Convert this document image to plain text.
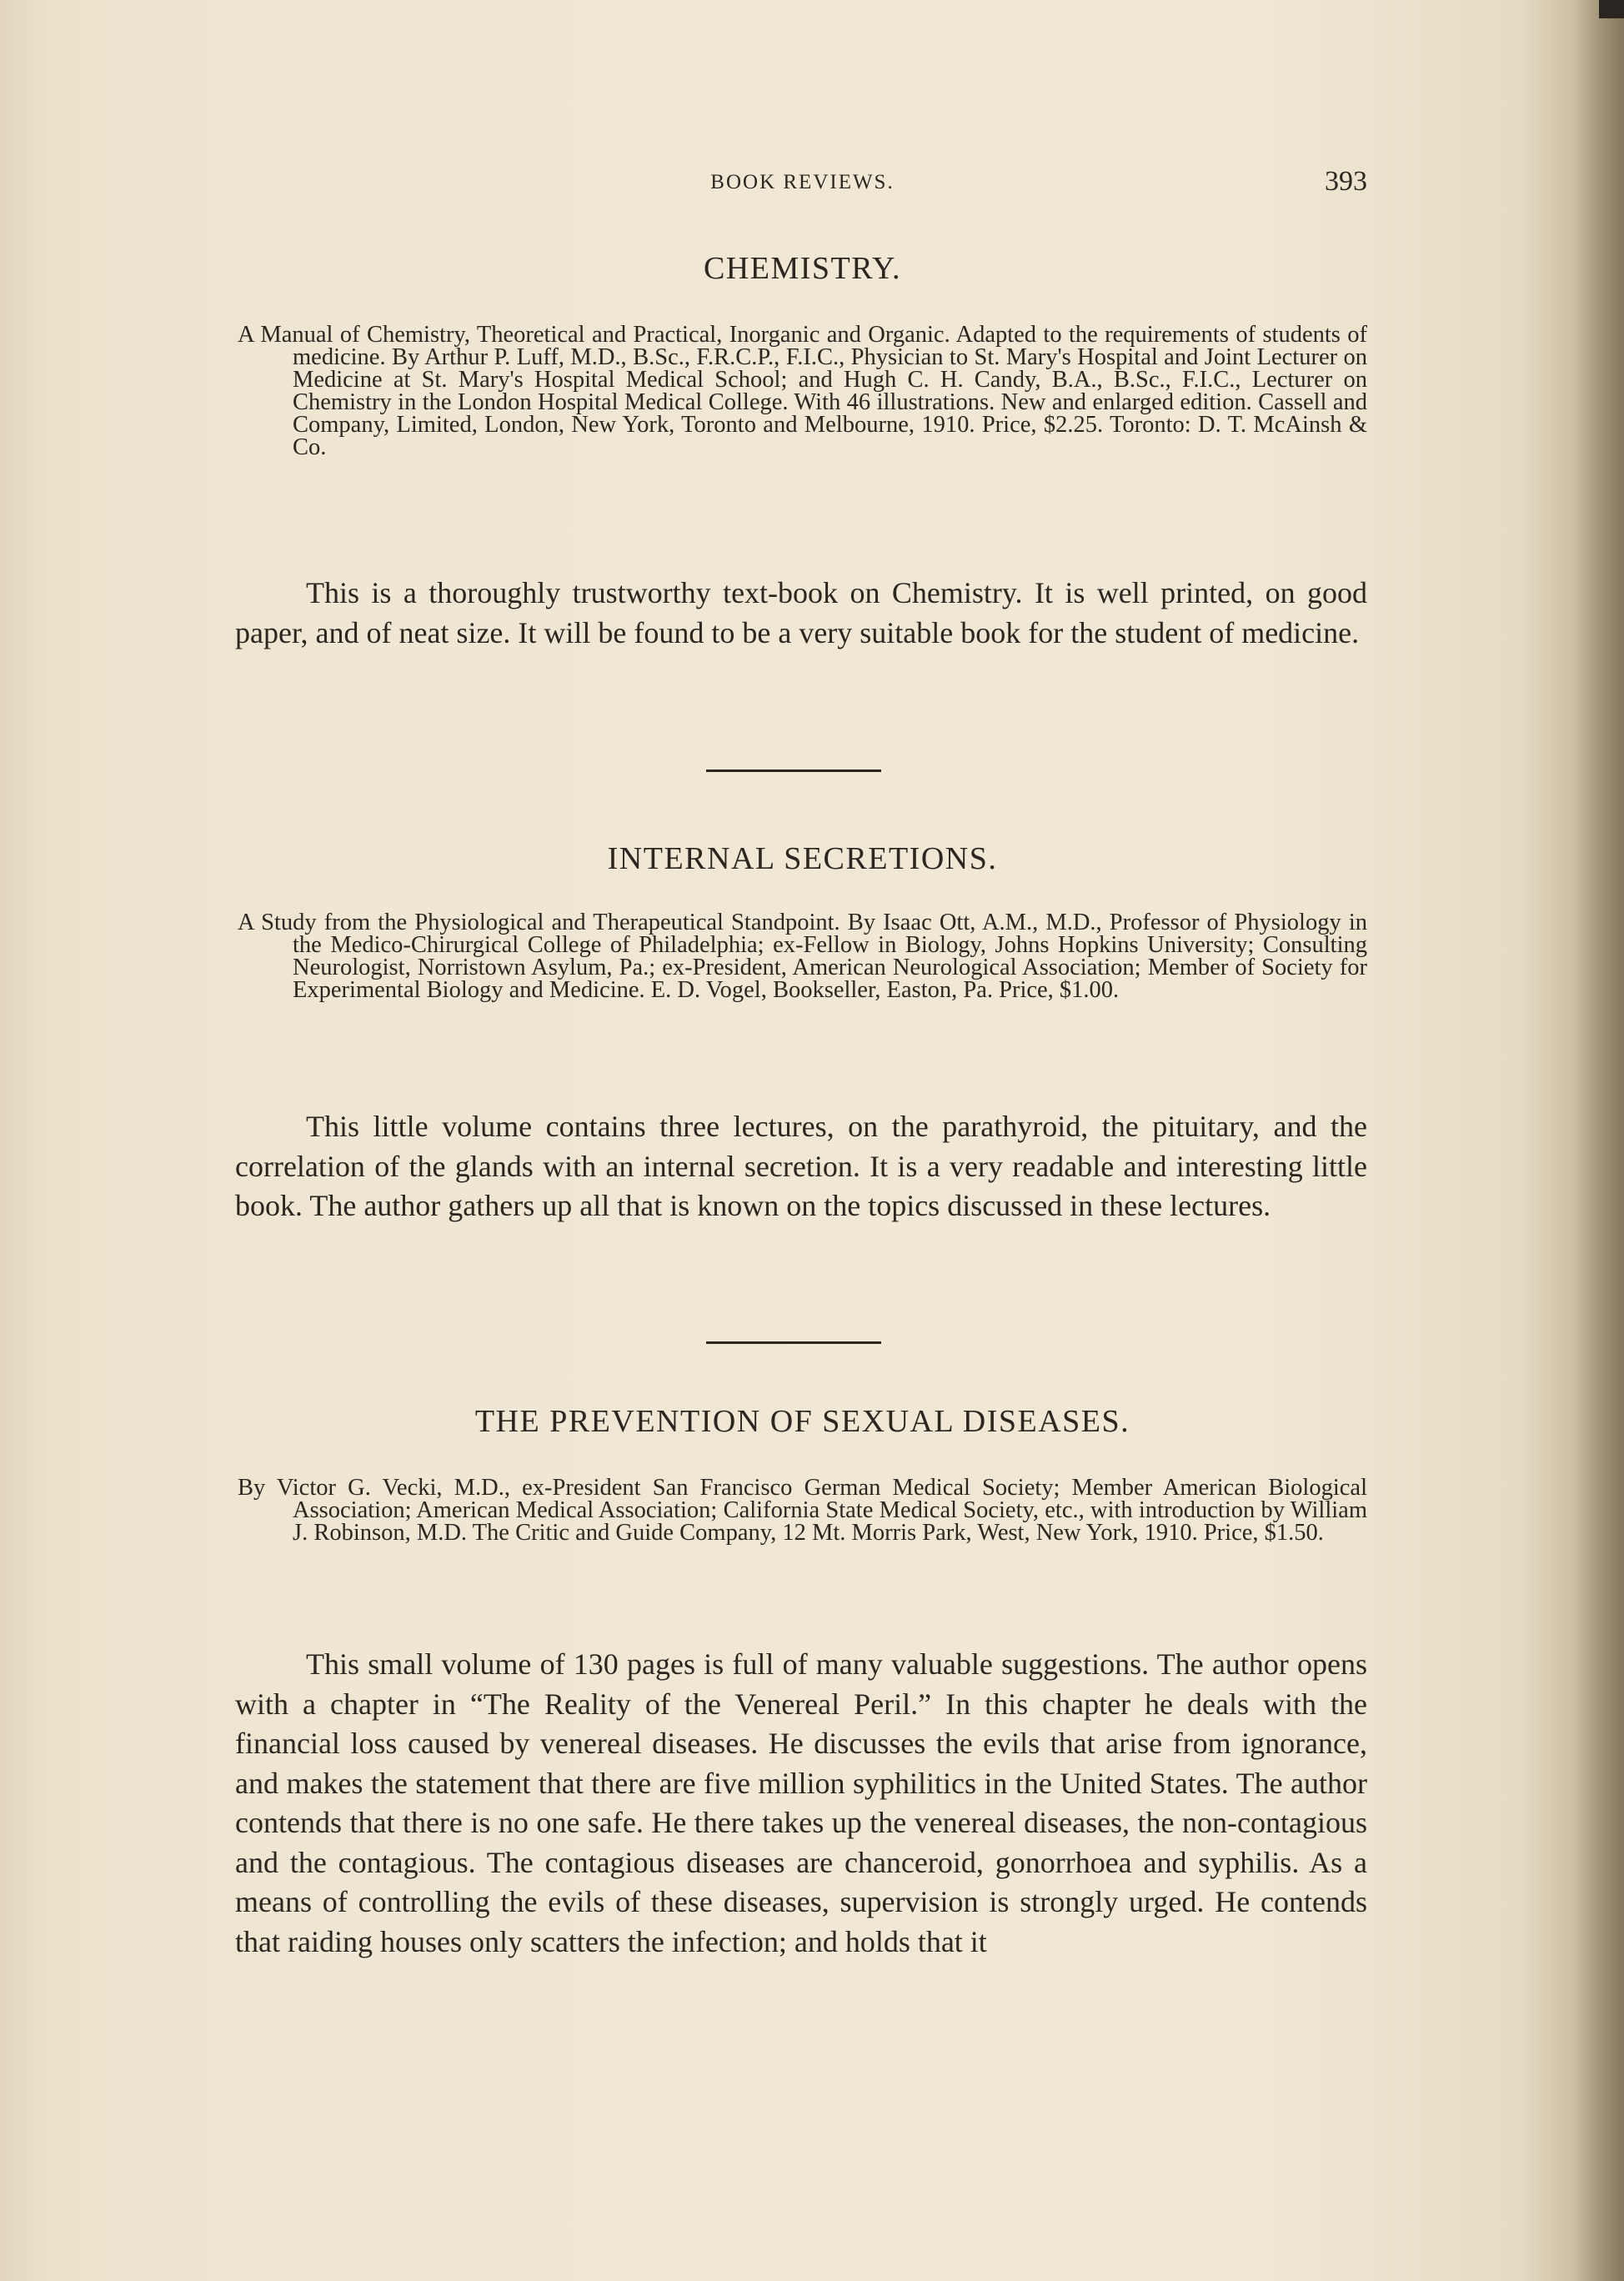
BOOK REVIEWS.	393
CHEMISTRY.

A Manual of Chemistry, Theoretical and Practical, Inorganic and Organic. Adapted to the requirements of students of medicine. By Arthur P. Luff, M.D., B.Sc., F.R.C.P., F.I.C., Physician to St. Mary's Hospital and Joint Lecturer on Medicine at St. Mary's Hospital Medical School; and Hugh C. H. Candy, B.A., B.Sc., F.I.C., Lecturer on Chemistry in the London Hospital Medical College. With 46 illustrations. New and enlarged edition. Cassell and Company, Limited, London, New York, Toronto and Melbourne, 1910. Price, $2.25. Toronto: D. T. McAinsh & Co.

This is a thoroughly trustworthy text-book on Chemistry. It is well printed, on good paper, and of neat size. It will be found to be a very suitable book for the student of medicine.

INTERNAL SECRETIONS.

A Study from the Physiological and Therapeutical Standpoint. By Isaac Ott, A.M., M.D., Professor of Physiology in the Medico-Chirurgical College of Philadelphia; ex-Fellow in Biology, Johns Hopkins University; Consulting Neurologist, Norristown Asylum, Pa.; ex-President, American Neurological Association; Member of Society for Experimental Biology and Medicine. E. D. Vogel, Bookseller, Easton, Pa. Price, $1.00.

This little volume contains three lectures, on the parathyroid, the pituitary, and the correlation of the glands with an internal secretion. It is a very readable and interesting little book. The author gathers up all that is known on the topics discussed in these lectures.

THE PREVENTION OF SEXUAL DISEASES.

By Victor G. Vecki, M.D., ex-President San Francisco German Medical Society; Member American Biological Association; American Medical Association; California State Medical Society, etc., with introduction by William J. Robinson, M.D. The Critic and Guide Company, 12 Mt. Morris Park, West, New York, 1910. Price, $1.50.

This small volume of 130 pages is full of many valuable suggestions. The author opens with a chapter in “The Reality of the Venereal Peril.” In this chapter he deals with the financial loss caused by venereal diseases. He discusses the evils that arise from ignorance, and makes the statement that there are five million syphilitics in the United States. The author contends that there is no one safe. He there takes up the venereal diseases, the non-contagious and the contagious. The contagious diseases are chanceroid, gonorrhoea and syphilis. As a means of controlling the evils of these diseases, supervision is strongly urged. He contends that raiding houses only scatters the infection; and holds that it
